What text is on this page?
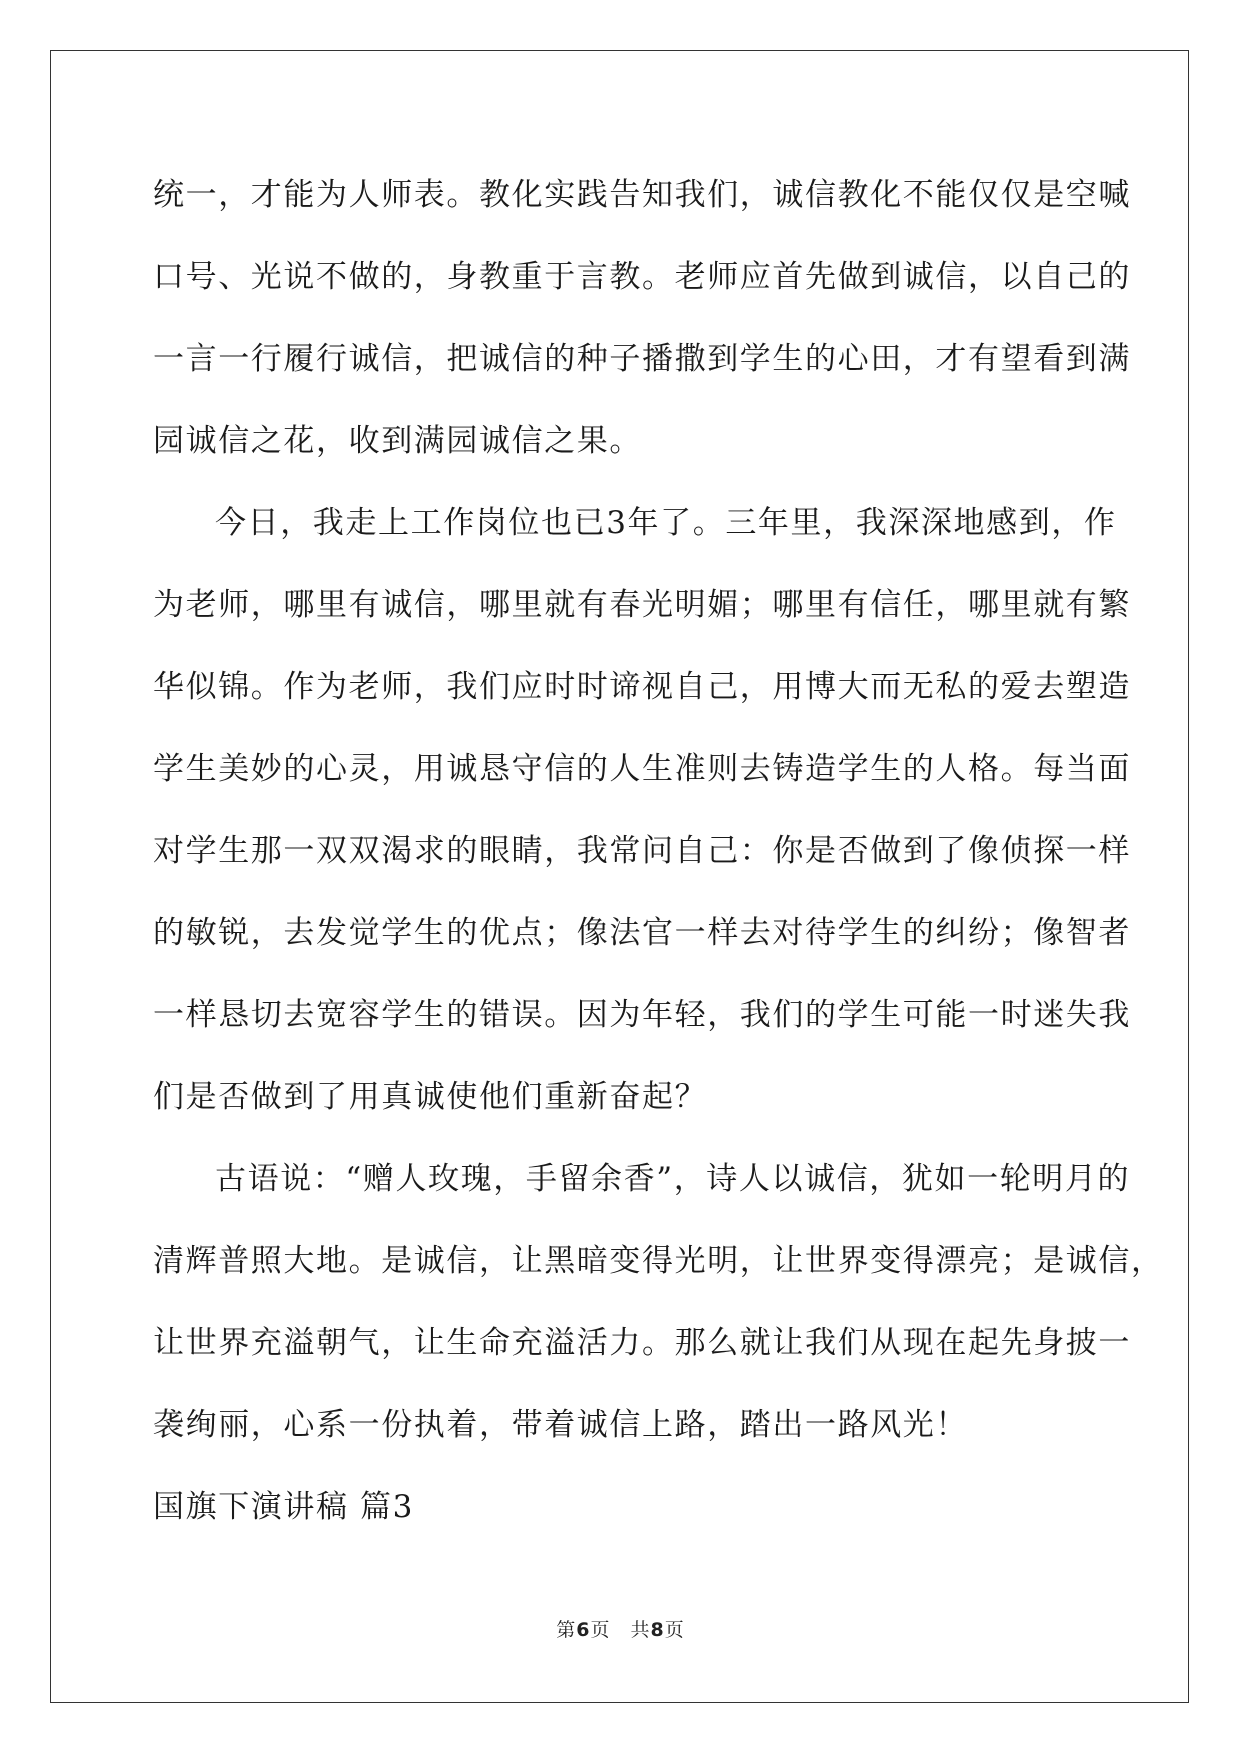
统一，才能为人师表。教化实践告知我们，诚信教化不能仅仅是空喊
口号、光说不做的，身教重于言教。老师应首先做到诚信，以自己的
一言一行履行诚信，把诚信的种子播撒到学生的心田，才有望看到满
园诚信之花，收到满园诚信之果。
今日，我走上工作岗位也已3年了。三年里，我深深地感到，作
为老师，哪里有诚信，哪里就有春光明媚；哪里有信任，哪里就有繁
华似锦。作为老师，我们应时时谛视自己，用博大而无私的爱去塑造
学生美妙的心灵，用诚恳守信的人生准则去铸造学生的人格。每当面
对学生那一双双渴求的眼睛，我常问自己：你是否做到了像侦探一样
的敏锐，去发觉学生的优点；像法官一样去对待学生的纠纷；像智者
一样恳切去宽容学生的错误。因为年轻，我们的学生可能一时迷失我
们是否做到了用真诚使他们重新奋起？
古语说：“赠人玫瑰，手留余香”，诗人以诚信，犹如一轮明月的
清辉普照大地。是诚信，让黑暗变得光明，让世界变得漂亮；是诚信，
让世界充溢朝气，让生命充溢活力。那么就让我们从现在起先身披一
袭绚丽，心系一份执着，带着诚信上路，踏出一路风光！
国旗下演讲稿 篇3
第6页　共8页
